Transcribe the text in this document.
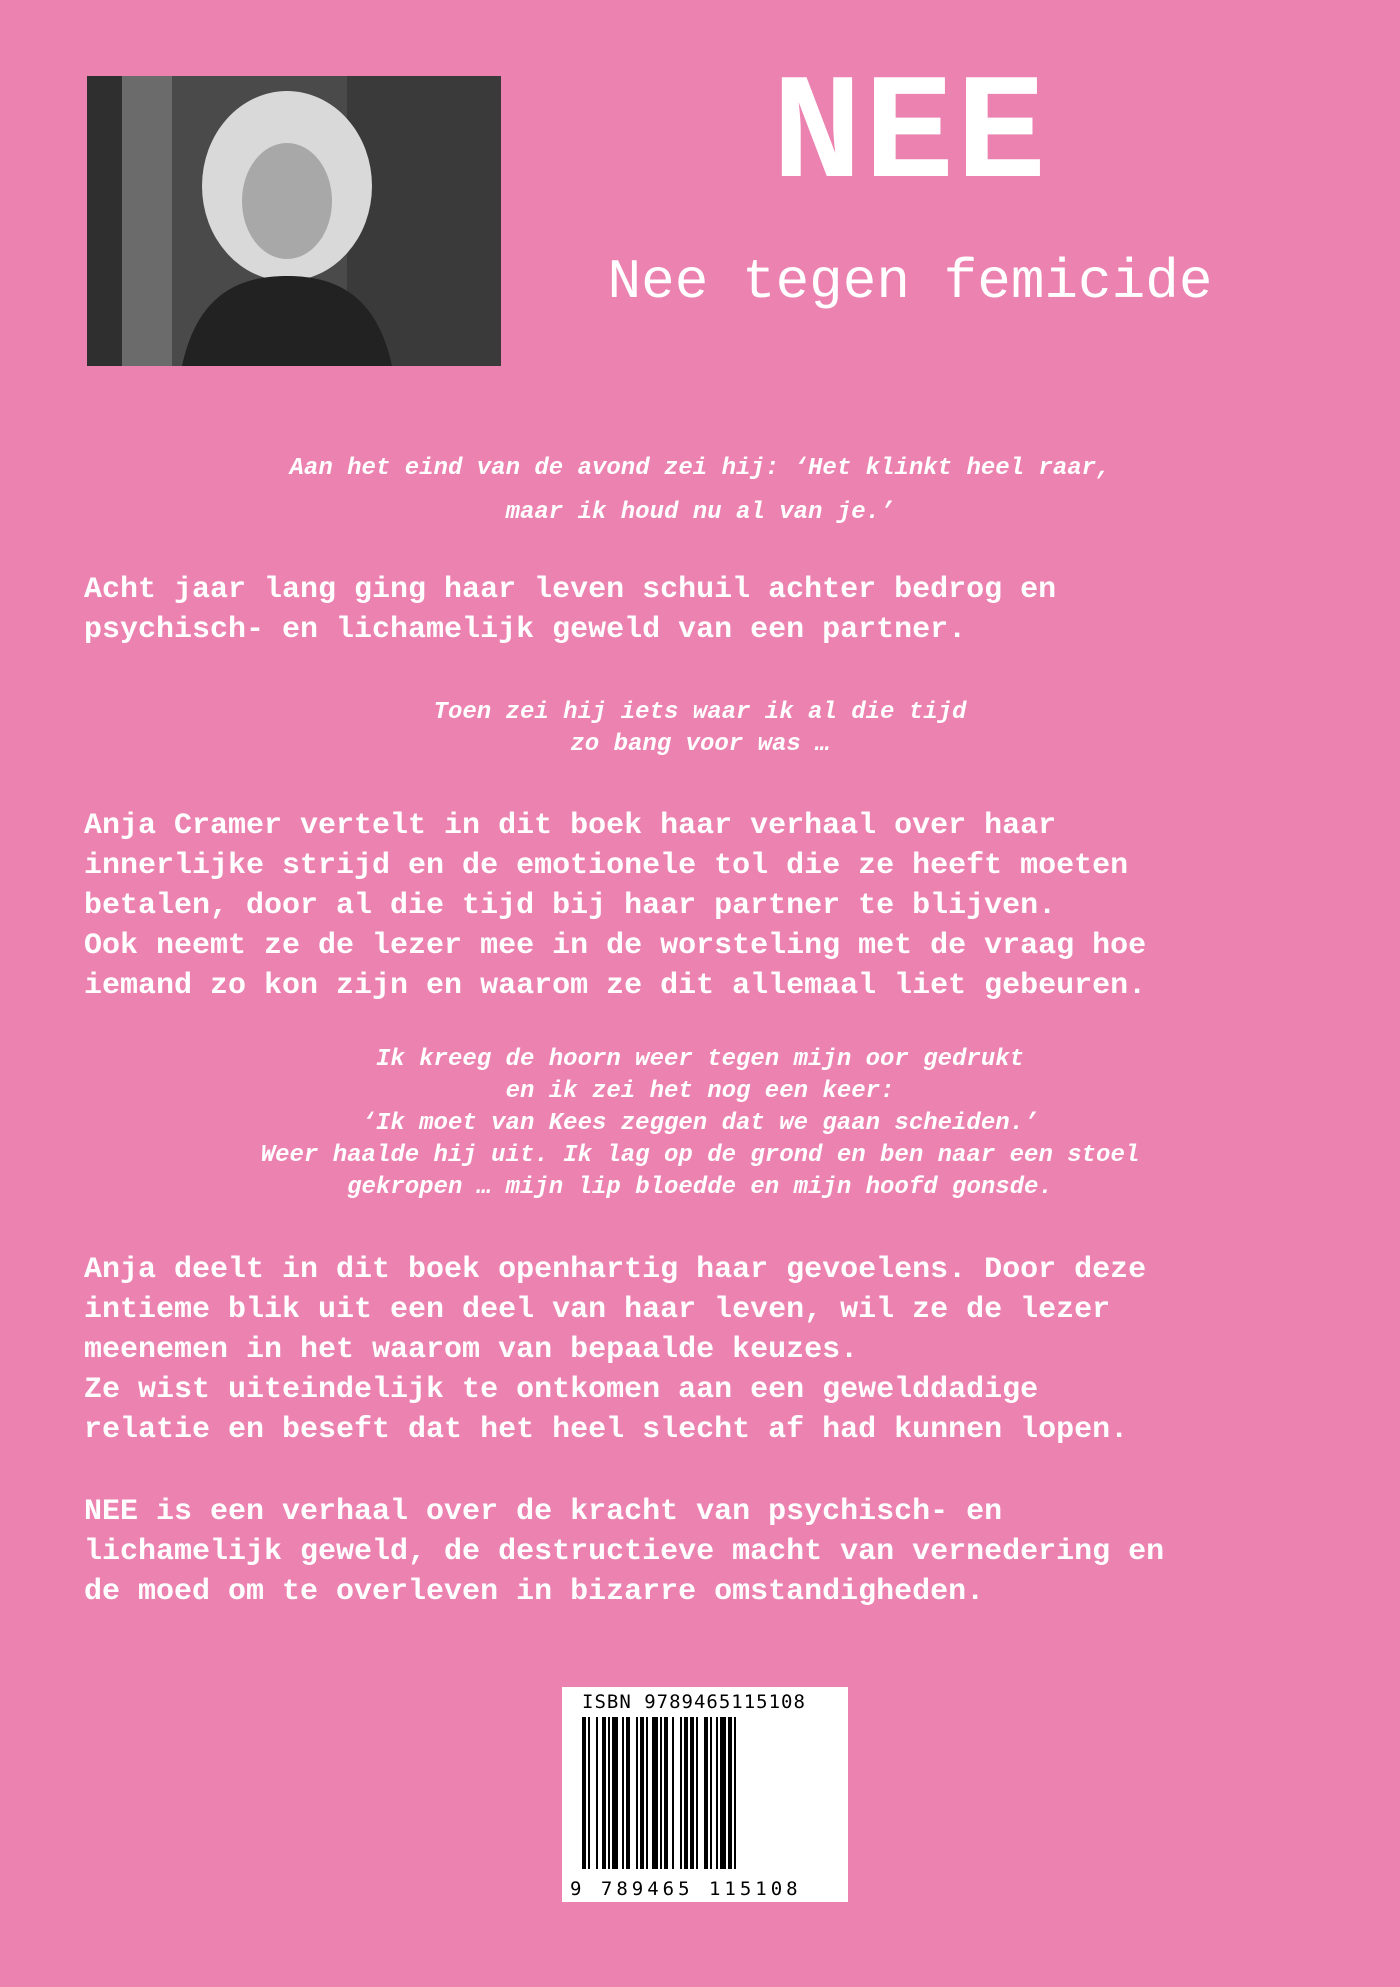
NEE
Nee tegen femicide
Aan het eind van de avond zei hij: ‘Het klinkt heel raar,
maar ik houd nu al van je.’
Acht jaar lang ging haar leven schuil achter bedrog en
psychisch- en lichamelijk geweld van een partner.
Toen zei hij iets waar ik al die tijd
zo bang voor was …
Anja Cramer vertelt in dit boek haar verhaal over haar
innerlijke strijd en de emotionele tol die ze heeft moeten
betalen, door al die tijd bij haar partner te blijven.
Ook neemt ze de lezer mee in de worsteling met de vraag hoe
iemand zo kon zijn en waarom ze dit allemaal liet gebeuren.
Ik kreeg de hoorn weer tegen mijn oor gedrukt
en ik zei het nog een keer:
‘Ik moet van Kees zeggen dat we gaan scheiden.’
Weer haalde hij uit. Ik lag op de grond en ben naar een stoel
gekropen … mijn lip bloedde en mijn hoofd gonsde.
Anja deelt in dit boek openhartig haar gevoelens. Door deze
intieme blik uit een deel van haar leven, wil ze de lezer
meenemen in het waarom van bepaalde keuzes.
Ze wist uiteindelijk te ontkomen aan een gewelddadige
relatie en beseft dat het heel slecht af had kunnen lopen.
NEE is een verhaal over de kracht van psychisch- en
lichamelijk geweld, de destructieve macht van vernedering en
de moed om te overleven in bizarre omstandigheden.
ISBN 9789465115108
9 789465 115108
